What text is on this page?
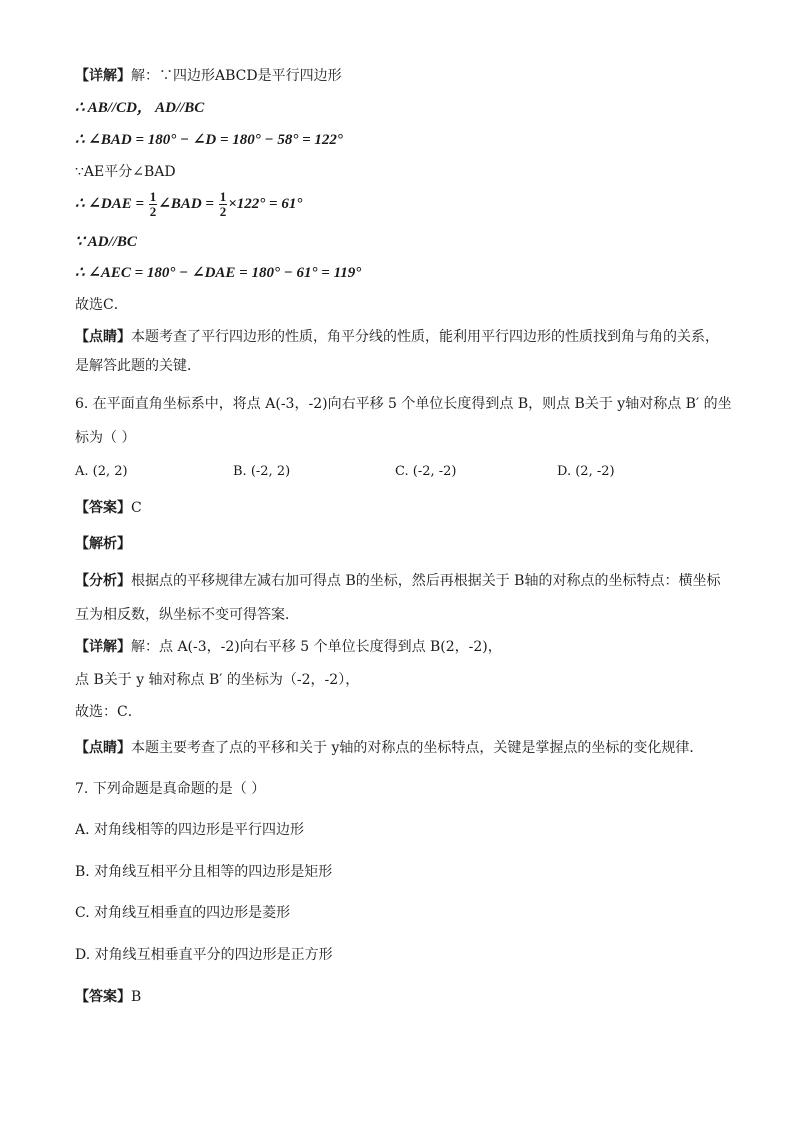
【详解】解：∵四边形ABCD是平行四边形
∴ AB//CD， AD//BC
∴ ∠BAD = 180° − ∠D = 180° − 58° = 122°
∵AE平分∠BAD
∴ ∠DAE = $\frac{1}{2}$ ∠BAD = $\frac{1}{2} \times 122^\circ = 61^\circ$
∵ AD//BC
∴ ∠AEC = 180° − ∠DAE = 180° − 61° = 119°
故选C．
【点睛】本题考查了平行四边形的性质，角平分线的性质，能利用平行四边形的性质找到角与角的关系，
是解答此题的关键．
6. 在平面直角坐标系中，将点 A(-3，-2)向右平移 5 个单位长度得到点 B，则点 B关于 y轴对称点 B′ 的坐
标为（ ）
A. (2, 2)	B. (-2, 2)	C. (-2, -2)	D. (2, -2)
【答案】C
【解析】
【分析】根据点的平移规律左减右加可得点 B的坐标，然后再根据关于 B轴的对称点的坐标特点：横坐标
互为相反数，纵坐标不变可得答案．
【详解】解：点 A(-3，-2)向右平移 5 个单位长度得到点 B(2，-2)，
点 B关于 y 轴对称点 B′ 的坐标为（-2，-2），
故选：C．
【点睛】本题主要考查了点的平移和关于 y轴的对称点的坐标特点，关键是掌握点的坐标的变化规律．
7. 下列命题是真命题的是（ ）
A. 对角线相等的四边形是平行四边形
B. 对角线互相平分且相等的四边形是矩形
C. 对角线互相垂直的四边形是菱形
D. 对角线互相垂直平分的四边形是正方形
【答案】B
